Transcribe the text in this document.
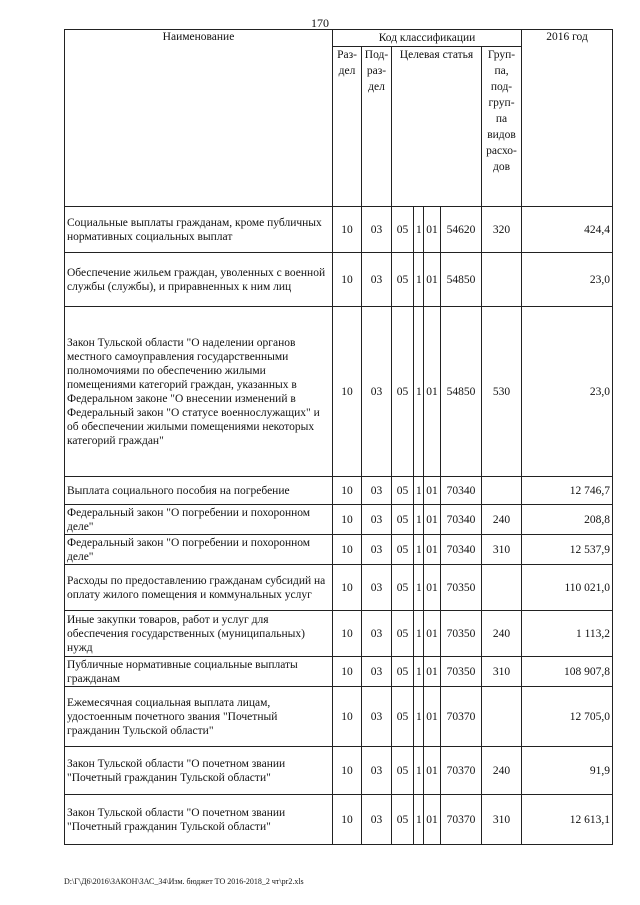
170
Наименование	Код классификации							2016 год
	Раз- дел	Под- раз- дел	Целевая статья				Груп- па, под- груп- па видов расхо- дов	
Социальные выплаты гражданам, кроме публичных нормативных социальных выплат	10	03	05	1	01	54620	320	424,4
Обеспечение жильем граждан, уволенных с военной службы (службы), и приравненных к ним лиц	10	03	05	1	01	54850		23,0
Закон Тульской области "О наделении органов местного самоуправления государственными полномочиями по обеспечению жилыми помещениями категорий граждан, указанных в Федеральном законе "О внесении изменений в Федеральный закон "О статусе военнослужащих" и об обеспечении жилыми помещениями некоторых категорий граждан"	10	03	05	1	01	54850	530	23,0
Выплата социального пособия на погребение	10	03	05	1	01	70340		12 746,7
Федеральный закон "О погребении и похоронном деле"	10	03	05	1	01	70340	240	208,8
Федеральный закон "О погребении и похоронном деле"	10	03	05	1	01	70340	310	12 537,9
Расходы по предоставлению гражданам субсидий на оплату жилого помещения и коммунальных услуг	10	03	05	1	01	70350		110 021,0
Иные закупки товаров, работ и услуг для обеспечения государственных (муниципальных) нужд	10	03	05	1	01	70350	240	1 113,2
Публичные нормативные социальные выплаты гражданам	10	03	05	1	01	70350	310	108 907,8
Ежемесячная социальная выплата лицам, удостоенным почетного звания "Почетный гражданин Тульской области"	10	03	05	1	01	70370		12 705,0
Закон Тульской области "О почетном звании "Почетный гражданин Тульской области"	10	03	05	1	01	70370	240	91,9
Закон Тульской области "О почетном звании "Почетный гражданин Тульской области"	10	03	05	1	01	70370	310	12 613,1
D:\Г\Д6\2016\ЗАКОН\ЗАС_34\Изм. бюджет ТО 2016-2018_2 чт\pr2.xls
